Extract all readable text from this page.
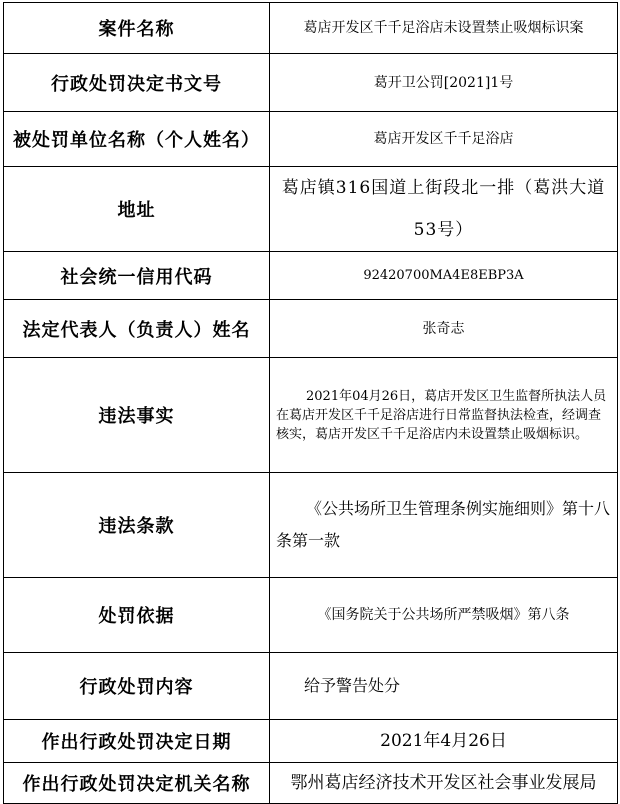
案件名称	葛店开发区千千足浴店未设置禁止吸烟标识案
行政处罚决定书文号	葛开卫公罚[2021]1号
被处罚单位名称（个人姓名）	葛店开发区千千足浴店
地址	葛店镇316国道上街段北一排（葛洪大道53号）
社会统一信用代码	92420700MA4E8EBP3A
法定代表人（负责人）姓名	张奇志
违法事实	2021年04月26日，葛店开发区卫生监督所执法人员在葛店开发区千千足浴店进行日常监督执法检查，经调查核实，葛店开发区千千足浴店内未设置禁止吸烟标识。
违法条款	《公共场所卫生管理条例实施细则》第十八条第一款
处罚依据	《国务院关于公共场所严禁吸烟》第八条
行政处罚内容	给予警告处分
作出行政处罚决定日期	2021年4月26日
作出行政处罚决定机关名称	鄂州葛店经济技术开发区社会事业发展局
